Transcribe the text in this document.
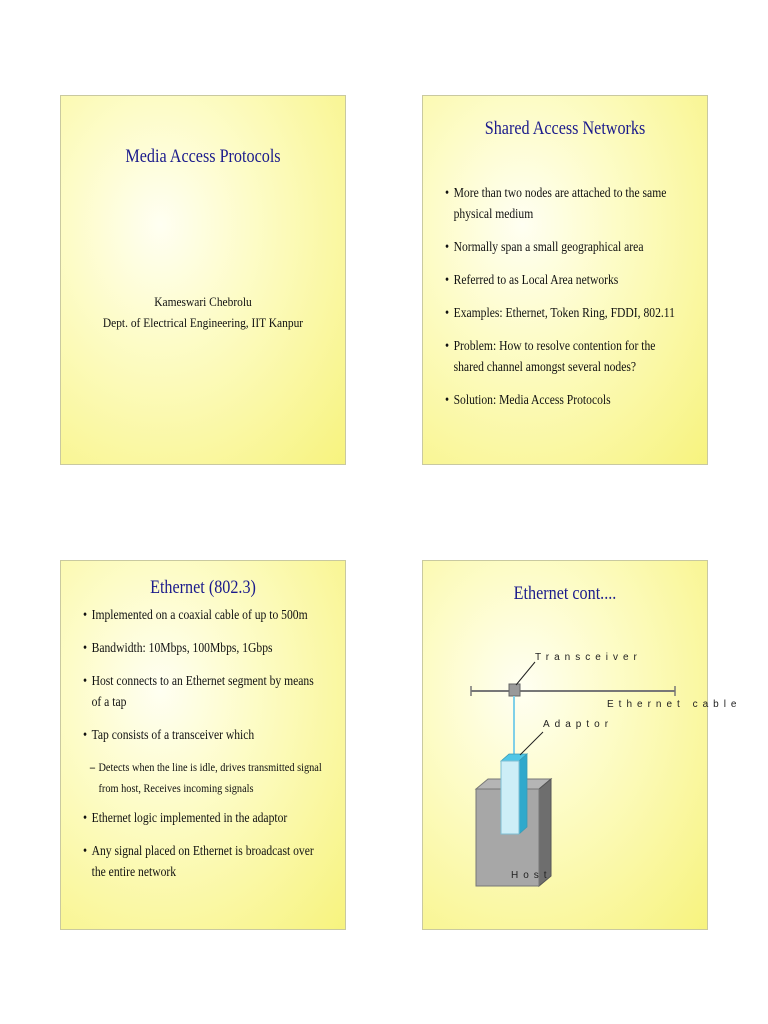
Media Access Protocols
Kameswari Chebrolu
Dept. of Electrical Engineering, IIT Kanpur
Shared Access Networks
• More than two nodes are attached to the same physical medium
• Normally span a small geographical area
• Referred to as Local Area networks
• Examples: Ethernet, Token Ring, FDDI, 802.11
• Problem: How to resolve contention for the shared channel amongst several nodes?
• Solution: Media Access Protocols
Ethernet (802.3)
• Implemented on a coaxial cable of up to 500m
• Bandwidth: 10Mbps, 100Mbps, 1Gbps
• Host connects to an Ethernet segment by means of a tap
• Tap consists of a transceiver which
– Detects when the line is idle, drives transmitted signal from host, Receives incoming signals
• Ethernet logic implemented in the adaptor
• Any signal placed on Ethernet is broadcast over the entire network
Ethernet cont....
Transceiver
Ethernet cable
Adaptor
Host
